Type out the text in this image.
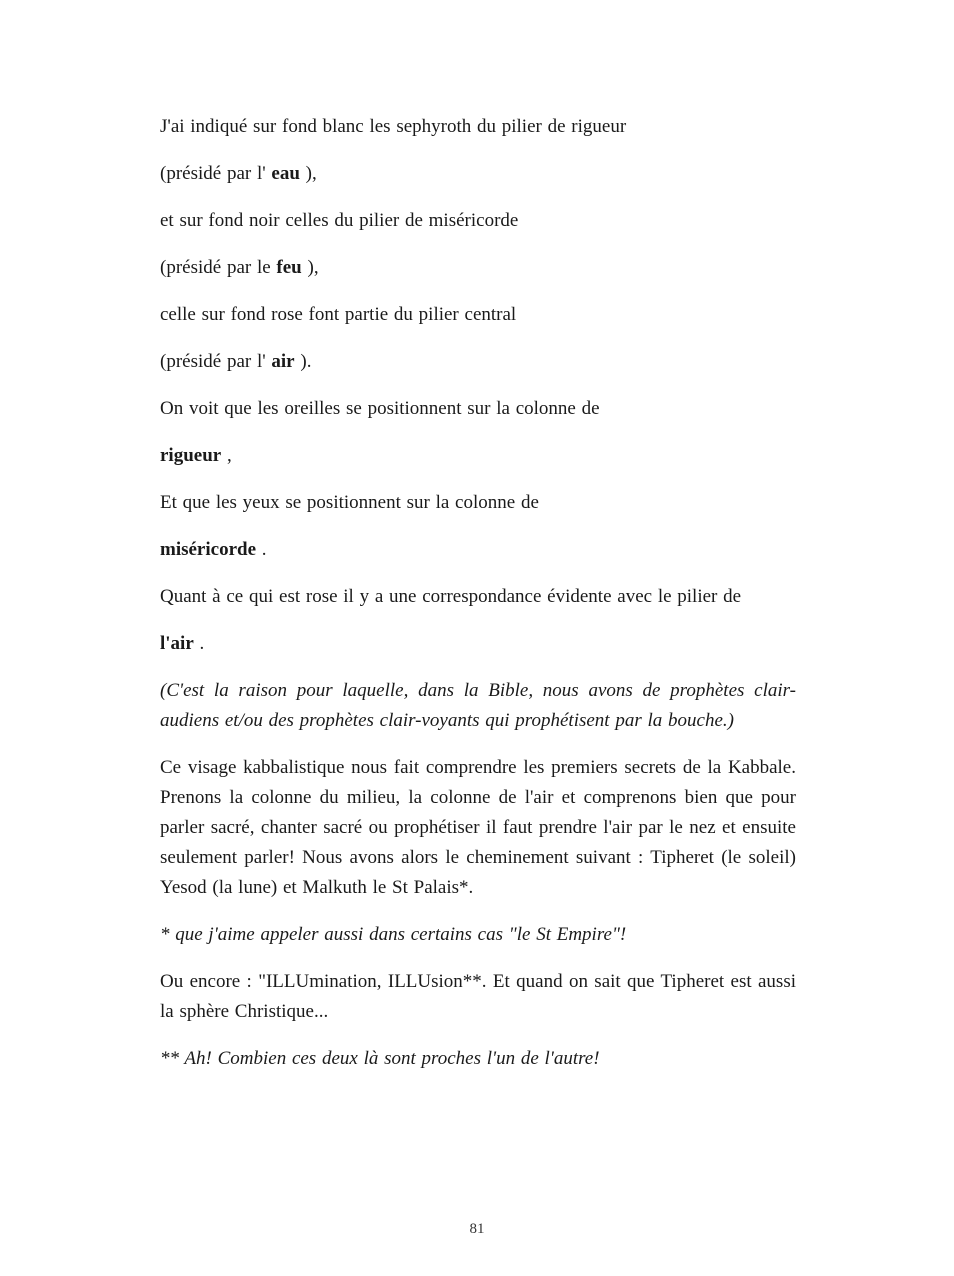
J'ai indiqué sur fond blanc les sephyroth du pilier de rigueur

(présidé par l' eau ),

et sur fond noir celles du pilier de miséricorde

(présidé par le feu ),

celle sur fond rose font partie du pilier central

(présidé par l' air ).

On voit que les oreilles se positionnent sur la colonne de

rigueur ,

Et que les yeux se positionnent sur la colonne de

miséricorde .

Quant à ce qui est rose il y a une correspondance évidente avec le pilier de

l'air .

(C'est la raison pour laquelle, dans la Bible, nous avons de prophètes clair-audiens et/ou des prophètes clair-voyants qui prophétisent par la bouche.)

Ce visage kabbalistique nous fait comprendre les premiers secrets de la Kabbale. Prenons la colonne du milieu, la colonne de l'air et comprenons bien que pour parler sacré, chanter sacré ou prophétiser il faut prendre l'air par le nez et ensuite seulement parler! Nous avons alors le cheminement suivant : Tipheret (le soleil) Yesod (la lune) et Malkuth le St Palais*.

* que j'aime appeler aussi dans certains cas "le St Empire"!

Ou encore : "ILLUmination, ILLUsion**. Et quand on sait que Tipheret est aussi la sphère Christique...

** Ah! Combien ces deux là sont proches l'un de l'autre!

81
